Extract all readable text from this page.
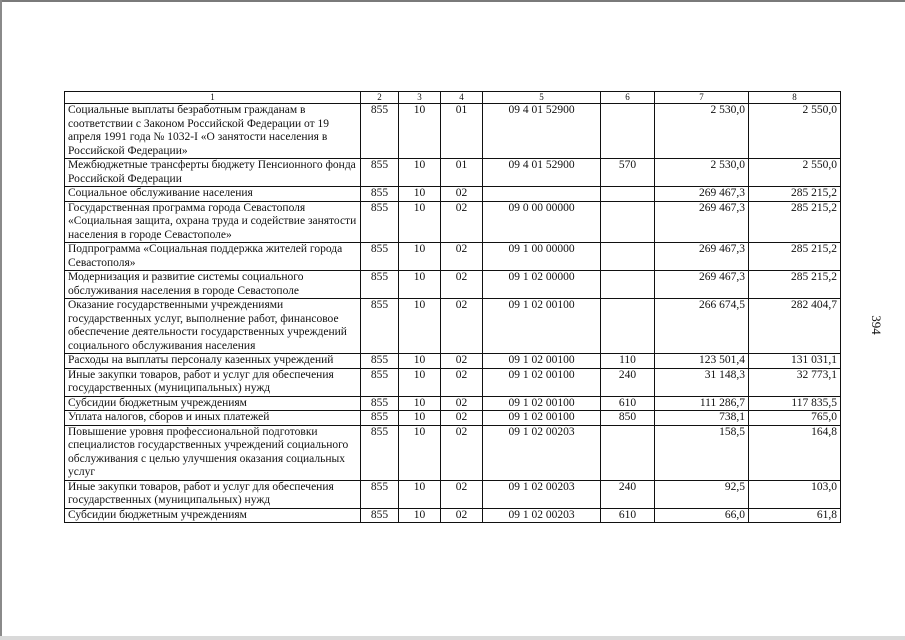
394
1	2	3	4	5	6	7	8
Социальные выплаты безработным гражданам в соответствии с Законом Российской Федерации от 19 апреля 1991 года № 1032-I «О занятости населения в Российской Федерации»	855	10	01	09 4 01 52900		2 530,0	2 550,0
Межбюджетные трансферты бюджету Пенсионного фонда Российской Федерации	855	10	01	09 4 01 52900	570	2 530,0	2 550,0
Социальное обслуживание населения	855	10	02			269 467,3	285 215,2
Государственная программа города Севастополя «Социальная защита, охрана труда и содействие занятости населения в городе Севастополе»	855	10	02	09 0 00 00000		269 467,3	285 215,2
Подпрограмма «Социальная поддержка жителей города Севастополя»	855	10	02	09 1 00 00000		269 467,3	285 215,2
Модернизация и развитие системы социального обслуживания населения в городе Севастополе	855	10	02	09 1 02 00000		269 467,3	285 215,2
Оказание государственными учреждениями государственных услуг, выполнение работ, финансовое обеспечение деятельности государственных учреждений социального обслуживания населения	855	10	02	09 1 02 00100		266 674,5	282 404,7
Расходы на выплаты персоналу казенных учреждений	855	10	02	09 1 02 00100	110	123 501,4	131 031,1
Иные закупки товаров, работ и услуг для обеспечения государственных (муниципальных) нужд	855	10	02	09 1 02 00100	240	31 148,3	32 773,1
Субсидии бюджетным учреждениям	855	10	02	09 1 02 00100	610	111 286,7	117 835,5
Уплата налогов, сборов и иных платежей	855	10	02	09 1 02 00100	850	738,1	765,0
Повышение уровня профессиональной подготовки специалистов государственных учреждений социального обслуживания с целью улучшения оказания социальных услуг	855	10	02	09 1 02 00203		158,5	164,8
Иные закупки товаров, работ и услуг для обеспечения государственных (муниципальных) нужд	855	10	02	09 1 02 00203	240	92,5	103,0
Субсидии бюджетным учреждениям	855	10	02	09 1 02 00203	610	66,0	61,8
